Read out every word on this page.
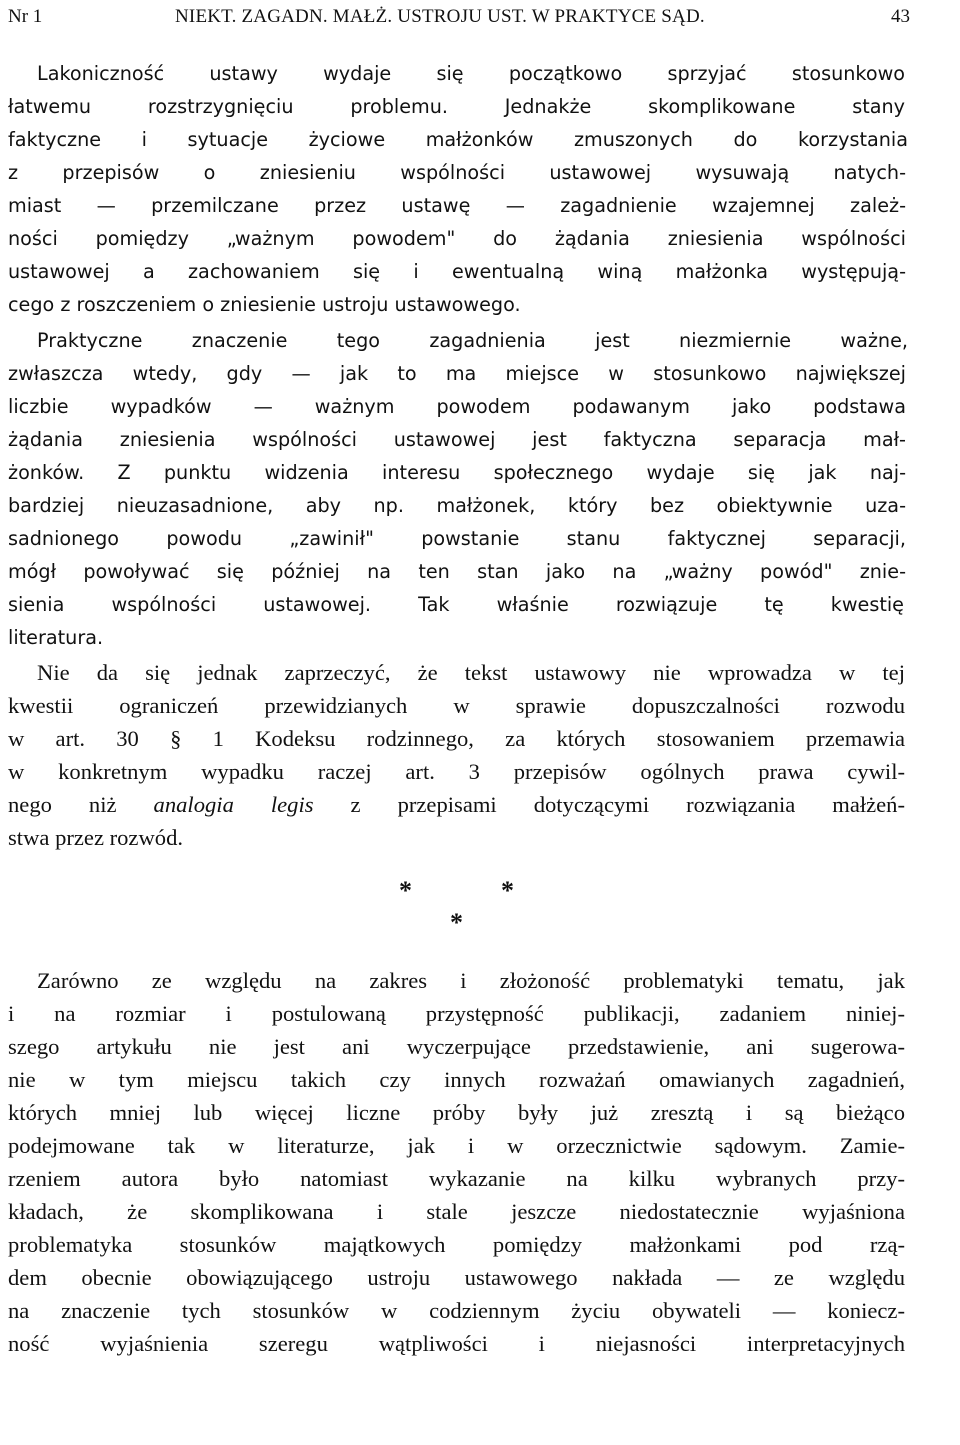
Nr 1	NIEKT. ZAGADN. MAŁŻ. USTROJU UST. W PRAKTYCE SĄD.	43
Lakoniczność ustawy wydaje się początkowo sprzyjać stosunkowo
łatwemu rozstrzygnięciu problemu. Jednakże skomplikowane stany
faktyczne i sytuacje życiowe małżonków zmuszonych do korzystania
z przepisów o zniesieniu wspólności ustawowej wysuwają natych-
miast — przemilczane przez ustawę — zagadnienie wzajemnej zależ-
ności pomiędzy „ważnym powodem" do żądania zniesienia wspólności
ustawowej a zachowaniem się i ewentualną winą małżonka występują-
cego z roszczeniem o zniesienie ustroju ustawowego.
Praktyczne znaczenie tego zagadnienia jest niezmiernie ważne,
zwłaszcza wtedy, gdy — jak to ma miejsce w stosunkowo największej
liczbie wypadków — ważnym powodem podawanym jako podstawa
żądania zniesienia wspólności ustawowej jest faktyczna separacja mał-
żonków. Z punktu widzenia interesu społecznego wydaje się jak naj-
bardziej nieuzasadnione, aby np. małżonek, który bez obiektywnie uza-
sadnionego powodu „zawinił" powstanie stanu faktycznej separacji,
mógł powoływać się później na ten stan jako na „ważny powód" znie-
sienia wspólności ustawowej. Tak właśnie rozwiązuje tę kwestię
literatura.
Nie da się jednak zaprzeczyć, że tekst ustawowy nie wprowadza w tej
kwestii ograniczeń przewidzianych w sprawie dopuszczalności rozwodu
w art. 30 § 1 Kodeksu rodzinnego, za których stosowaniem przemawia
w konkretnym wypadku raczej art. 3 przepisów ogólnych prawa cywil-
nego niż analogia legis z przepisami dotyczącymi rozwiązania małżeń-
stwa przez rozwód.
*	*
*
Zarówno ze względu na zakres i złożoność problematyki tematu, jak
i na rozmiar i postulowaną przystępność publikacji, zadaniem niniej-
szego artykułu nie jest ani wyczerpujące przedstawienie, ani sugerowa-
nie w tym miejscu takich czy innych rozważań omawianych zagadnień,
których mniej lub więcej liczne próby były już zresztą i są bieżąco
podejmowane tak w literaturze, jak i w orzecznictwie sądowym. Zamie-
rzeniem autora było natomiast wykazanie na kilku wybranych przy-
kładach, że skomplikowana i stale jeszcze niedostatecznie wyjaśniona
problematyka stosunków majątkowych pomiędzy małżonkami pod rzą-
dem obecnie obowiązującego ustroju ustawowego nakłada — ze względu
na znaczenie tych stosunków w codziennym życiu obywateli — koniecz-
ność wyjaśnienia szeregu wątpliwości i niejasności interpretacyjnych
